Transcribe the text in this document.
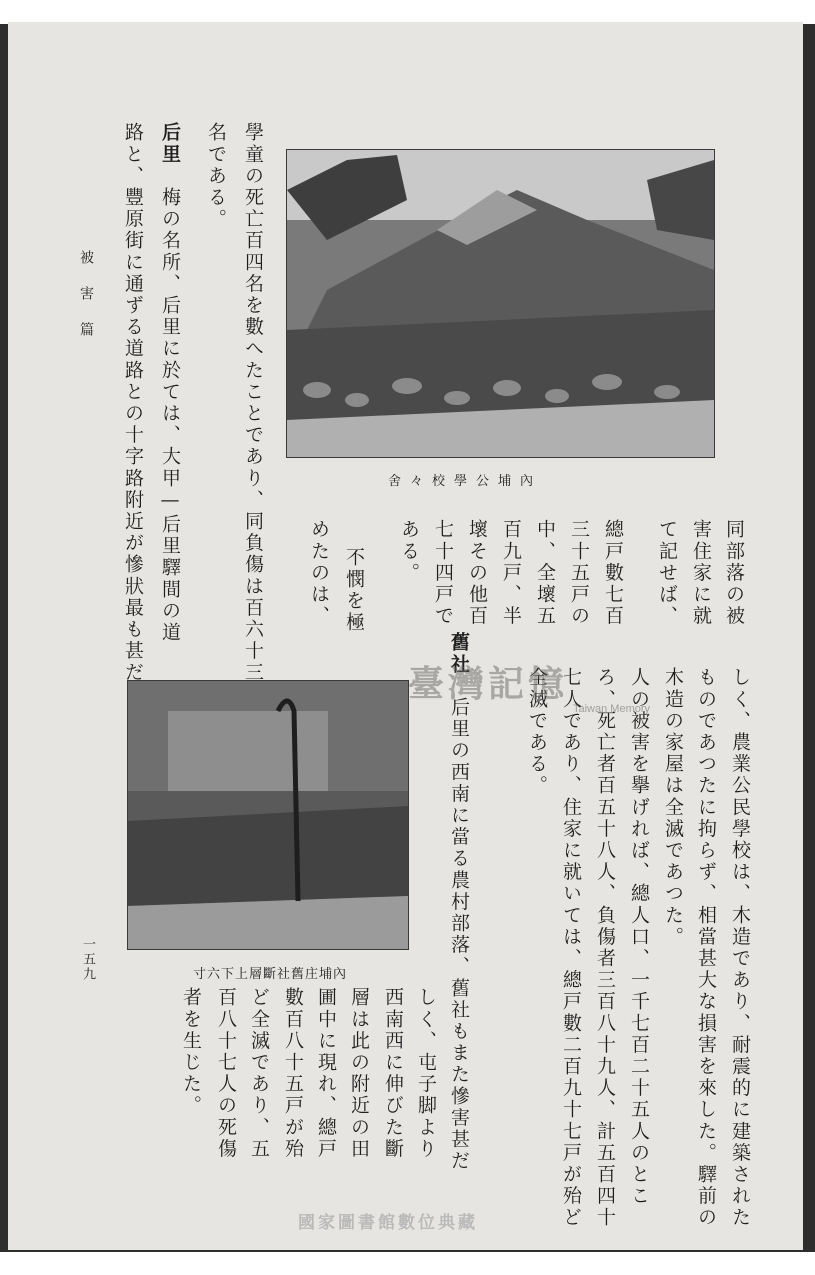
內埔公學校々舍
內埔庄舊社斷層上下六寸	しく、農業公民學校は、木造であり、耐震的に建築された
ものであつたに拘らず、相當甚大な損害を來した。驛前の
木造の家屋は全滅であつた。
人の被害を擧げれば、總人口、一千七百二十五人のとこ
ろ、死亡者百五十八人、負傷者三百八十九人、計五百四十
七人であり、住家に就いては、總戸數二百九十七戸が殆ど
全滅である。
舊社　后里の西南に當る農村部落、舊社もまた慘害甚だ
しく、屯子脚より
西南西に伸びた斷
層は此の附近の田
圃中に現れ、總戸
數百八十五戸が殆
ど全滅であり、五
百八十七人の死傷
者を生じた。
同部落の被
害住家に就
て記せば、
總戸數七百
三十五戸の
中、全壞五
百九戸、半
壞その他百
七十四戸で
ある。
不憫を極
めたのは、
學童の死亡百四名を數へたことであり、同負傷は百六十三
名である。
后里　梅の名所、后里に於ては、大甲—后里驛間の道
路と、豐原街に通ずる道路との十字路附近が慘狀最も甚だ
被害篇
一五九
臺灣記憶
Taiwan Memory
國家圖書館數位典藏
